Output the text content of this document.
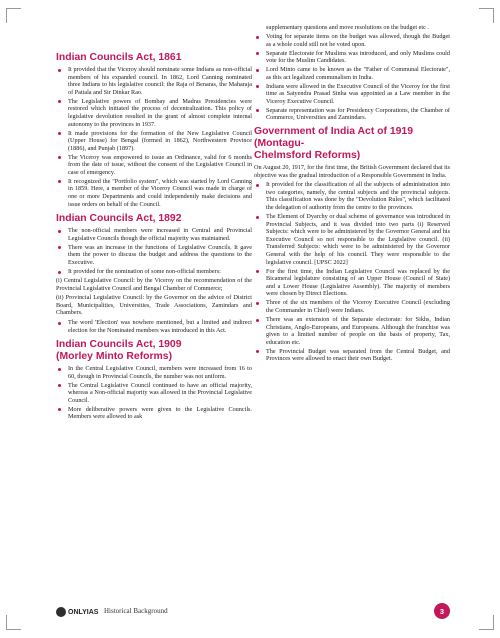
Indian Councils Act, 1861
It provided that the Viceroy should nominate some Indians as non-official members of his expanded council. In 1862, Lord Canning nominated three Indians to his legislative council: the Raja of Benaras, the Maharaja of Patiala and Sir Dinkar Rao.
The Legislative powers of Bombay and Madras Presidencies were restored which initiated the process of decentralization. This policy of legislative devolution resulted in the grant of almost complete internal autonomy to the provinces in 1937.
It made provisions for the formation of the New Legislative Council (Upper House) for Bengal (formed in 1862), Northwestern Province (1886), and Punjab (1897).
The Viceroy was empowered to issue an Ordinance, valid for 6 months from the date of issue, without the consent of the Legislative Council in case of emergency.
It recognized the "Portfolio system", which was started by Lord Canning in 1859. Here, a member of the Viceroy Council was made in charge of one or more Departments and could independently make decisions and issue orders on behalf of the Council.
Indian Councils Act, 1892
The non-official members were increased in Central and Provincial Legislative Councils though the official majority was maintained.
There was an increase in the functions of Legislative Councils. It gave them the power to discuss the budget and address the questions to the Executive.
It provided for the nomination of some non-official members:

(i) Central Legislative Council: by the Viceroy on the recommendation of the Provincial Legislative Council and Bengal Chamber of Commerce;

(ii) Provincial Legislative Council: by the Governor on the advice of District Board, Municipalities, Universities, Trade Associations, Zamindars and Chambers.

The word 'Election' was nowhere mentioned, but a limited and indirect election for the Nominated members was introduced in this Act.
Indian Councils Act, 1909
(Morley Minto Reforms)
In the Central Legislative Council, members were increased from 16 to 60, though in Provincial Councils, the number was not uniform.
The Central Legislative Council continued to have an official majority, whereas a Non-official majority was allowed in the Provincial Legislative Council.
More deliberative powers were given to the Legislative Councils. Members were allowed to ask
supplementary questions and move resolutions on the budget etc .
Voting for separate items on the budget was allowed, though the Budget as a whole could still not be voted upon.
Separate Electorate for Muslims was introduced, and only Muslims could vote for the Muslim Candidates.
Lord Minto came to be known as the "Father of Communal Electorate", as this act legalized communalism in India.
Indians were allowed in the Executive Council of the Viceroy for the first time as Satyendra Prasad Sinha was appointed as a Law member in the Viceroy Executive Council.
Separate representation was for Presidency Corporations, the Chamber of Commerce, Universities and Zamindars.
Government of India Act of 1919 (Montagu-
Chelmsford Reforms)

On August 20, 1917, for the first time, the British Government declared that its objective was the gradual introduction of a Responsible Government in India.

It provided for the classification of all the subjects of administration into two categories, namely, the central subjects and the provincial subjects. This classification was done by the "Devolution Rules", which facilitated the delegation of authority from the centre to the provinces.
The Element of Dyarchy or dual scheme of governance was introduced in Provincial Subjects, and it was divided into two parts (i) Reserved Subjects: which were to be administered by the Governor General and his Executive Council so not responsible to the Legislative council. (ii) Transferred Subjects: which were to be administered by the Governor General with the help of his council. They were responsible to the legislative council. [UPSC 2022]
For the first time, the Indian Legislative Council was replaced by the Bicameral legislature consisting of an Upper House (Council of State) and a Lower House (Legislative Assembly). The majority of members were chosen by Direct Elections.
Three of the six members of the Viceroy Executive Council (excluding the Commander in Chief) were Indians.
There was an extension of the Separate electorate: for Sikhs, Indian Christians, Anglo-Europeans, and Europeans. Although the franchise was given to a limited number of people on the basis of property, Tax, education etc.
The Provincial Budget was separated from the Central Budget, and Provinces were allowed to enact their own Budget.
ONLYIAS Historical Background	3
